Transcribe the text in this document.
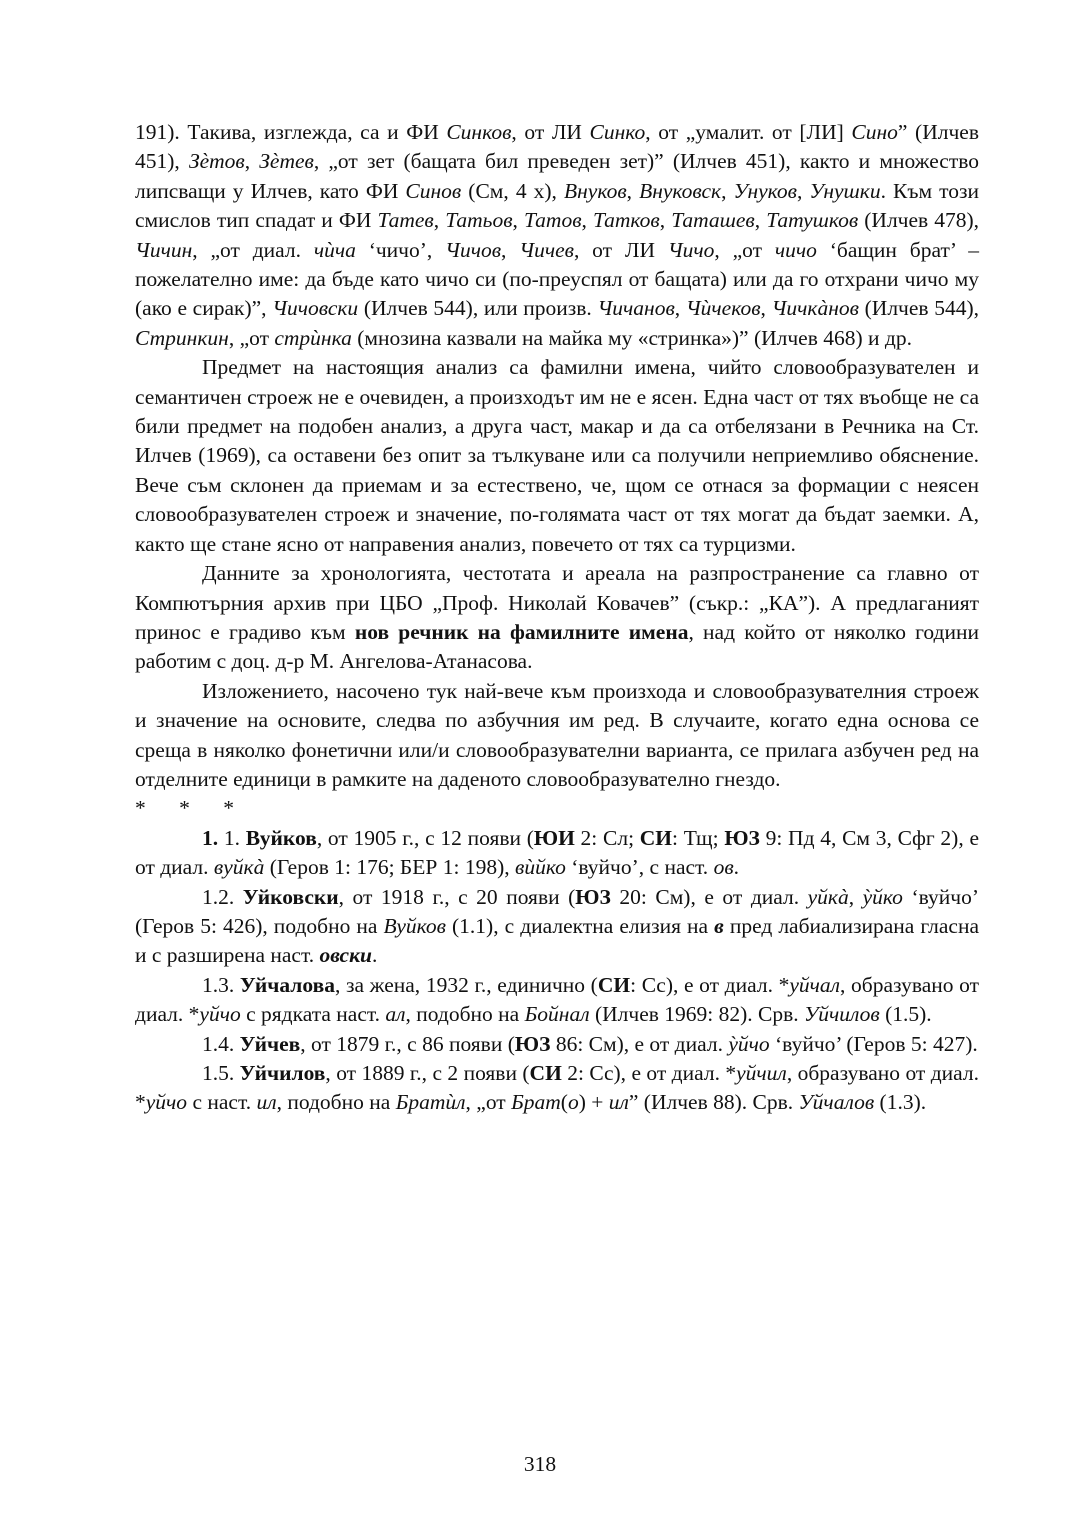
191). Такива, изглежда, са и ФИ Синков, от ЛИ Синко, от „умалит. от [ЛИ] Сино” (Илчев 451), Зѐтов, Зѐтев, „от зет (бащата бил преведен зет)” (Илчев 451), както и множество липсващи у Илчев, като ФИ Синов (См, 4 х), Внуков, Внуковск, Унуков, Унушки. Към този смислов тип спадат и ФИ Татев, Татьов, Татов, Татков, Таташев, Татушков (Илчев 478), Чичин, „от диал. чѝча ‘чичо’, Чичов, Чичев, от ЛИ Чичо, „от чичо ‘бащин брат’ – пожелателно име: да бъде като чичо си (по-преуспял от бащата) или да го отхрани чичо му (ако е сирак)”, Чичовски (Илчев 544), или произв. Чичанов, Чѝчеков, Чичкàнов (Илчев 544), Стринкин, „от стрѝнка (мнозина казвали на майка му «стринка»)” (Илчев 468) и др.

Предмет на настоящия анализ са фамилни имена, чийто словообразувателен и семантичен строеж не е очевиден, а произходът им не е ясен. Една част от тях въобще не са били предмет на подобен анализ, а друга част, макар и да са отбелязани в Речника на Ст. Илчев (1969), са оставени без опит за тълкуване или са получили неприемливо обяснение. Вече съм склонен да приемам и за естествено, че, щом се отнася за формации с неясен словообразувателен строеж и значение, по-голямата част от тях могат да бъдат заемки. А, както ще стане ясно от направения анализ, повечето от тях са турцизми.

Данните за хронологията, честотата и ареала на разпространение са главно от Компютърния архив при ЦБО „Проф. Николай Ковачев” (съкр.: „КА”). А предлаганият принос е градиво към нов речник на фамилните имена, над който от няколко години работим с доц. д-р М. Ангелова-Атанасова.

Изложението, насочено тук най-вече към произхода и словообразувателния строеж и значение на основите, следва по азбучния им ред. В случаите, когато една основа се среща в няколко фонетични или/и словообразувателни варианта, се прилага азбучен ред на отделните единици в рамките на даденото словообразувателно гнездо.

* * *

1. 1. Вуйков, от 1905 г., с 12 появи (ЮИ 2: Сл; СИ: Тщ; ЮЗ 9: Пд 4, См 3, Сфг 2), е от диал. вуйкà (Геров 1: 176; БЕР 1: 198), вѝйко ‘вуйчо’, с наст. ов.

1.2. Уйковски, от 1918 г., с 20 появи (ЮЗ 20: См), е от диал. уйкà, ỳйко ‘вуйчо’ (Геров 5: 426), подобно на Вуйков (1.1), с диалектна елизия на в пред лабиализирана гласна и с разширена наст. овски.

1.3. Уйчалова, за жена, 1932 г., единично (СИ: Сс), е от диал. *уйчал, образувано от диал. *уйчо с рядката наст. ал, подобно на Бойнал (Илчев 1969: 82). Срв. Уйчилов (1.5).

1.4. Уйчев, от 1879 г., с 86 появи (ЮЗ 86: См), е от диал. ỳйчо ‘вуйчо’ (Геров 5: 427).

1.5. Уйчилов, от 1889 г., с 2 появи (СИ 2: Сс), е от диал. *уйчил, образувано от диал. *уйчо с наст. ил, подобно на Братѝл, „от Брат(о) + ил” (Илчев 88). Срв. Уйчалов (1.3).

318
